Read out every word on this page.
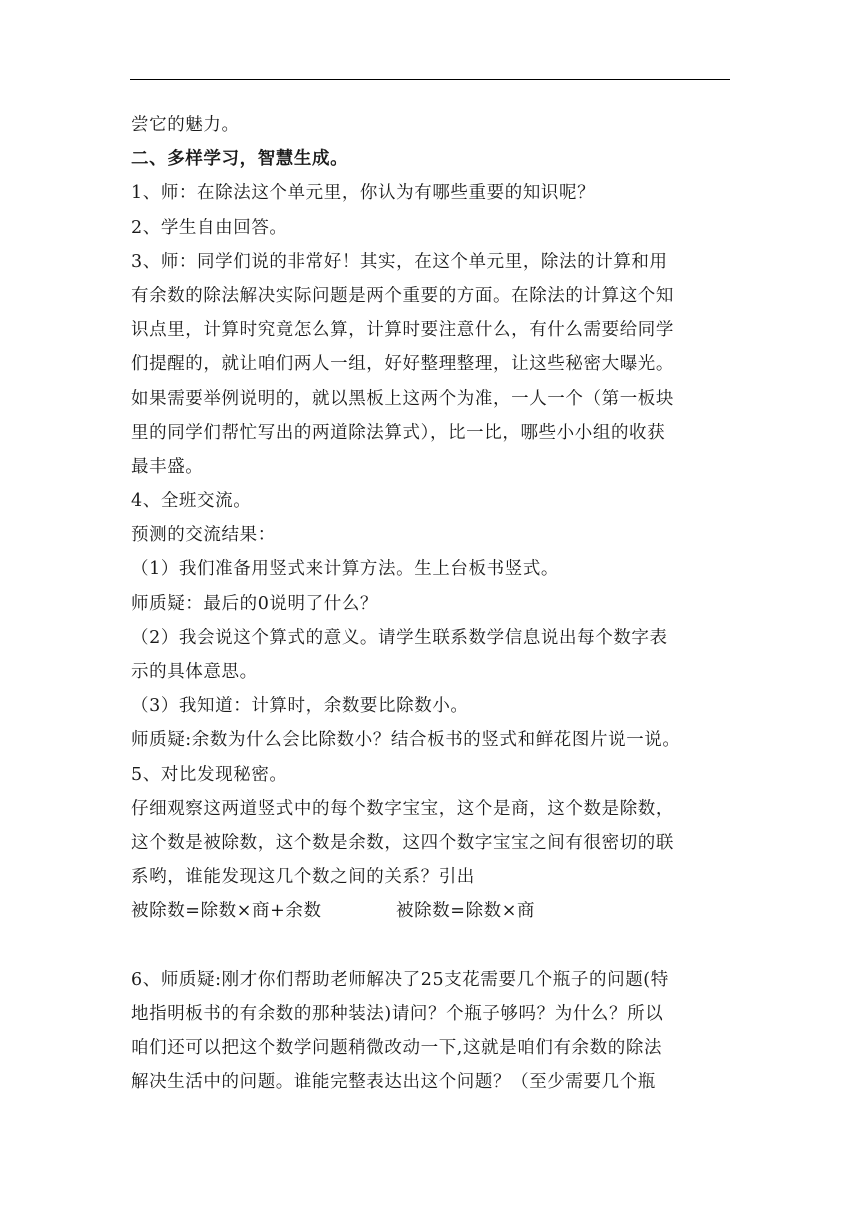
尝它的魅力。
二、多样学习，智慧生成。
1、师：在除法这个单元里，你认为有哪些重要的知识呢？
2、学生自由回答。
3、师：同学们说的非常好！其实，在这个单元里，除法的计算和用
有余数的除法解决实际问题是两个重要的方面。在除法的计算这个知
识点里，计算时究竟怎么算，计算时要注意什么，有什么需要给同学
们提醒的，就让咱们两人一组，好好整理整理，让这些秘密大曝光。
如果需要举例说明的，就以黑板上这两个为准，一人一个（第一板块
里的同学们帮忙写出的两道除法算式），比一比，哪些小小组的收获
最丰盛。
4、全班交流。
预测的交流结果：
（1）我们准备用竖式来计算方法。生上台板书竖式。
师质疑：最后的0说明了什么？
（2）我会说这个算式的意义。请学生联系数学信息说出每个数字表
示的具体意思。
（3）我知道：计算时，余数要比除数小。
师质疑:余数为什么会比除数小？结合板书的竖式和鲜花图片说一说。
5、对比发现秘密。
仔细观察这两道竖式中的每个数字宝宝，这个是商，这个数是除数，
这个数是被除数，这个数是余数，这四个数字宝宝之间有很密切的联
系哟，谁能发现这几个数之间的关系？引出
被除数=除数×商+余数	被除数=除数×商
6、师质疑:刚才你们帮助老师解决了25支花需要几个瓶子的问题(特
地指明板书的有余数的那种装法)请问？个瓶子够吗？为什么？所以
咱们还可以把这个数学问题稍微改动一下,这就是咱们有余数的除法
解决生活中的问题。谁能完整表达出这个问题？（至少需要几个瓶
